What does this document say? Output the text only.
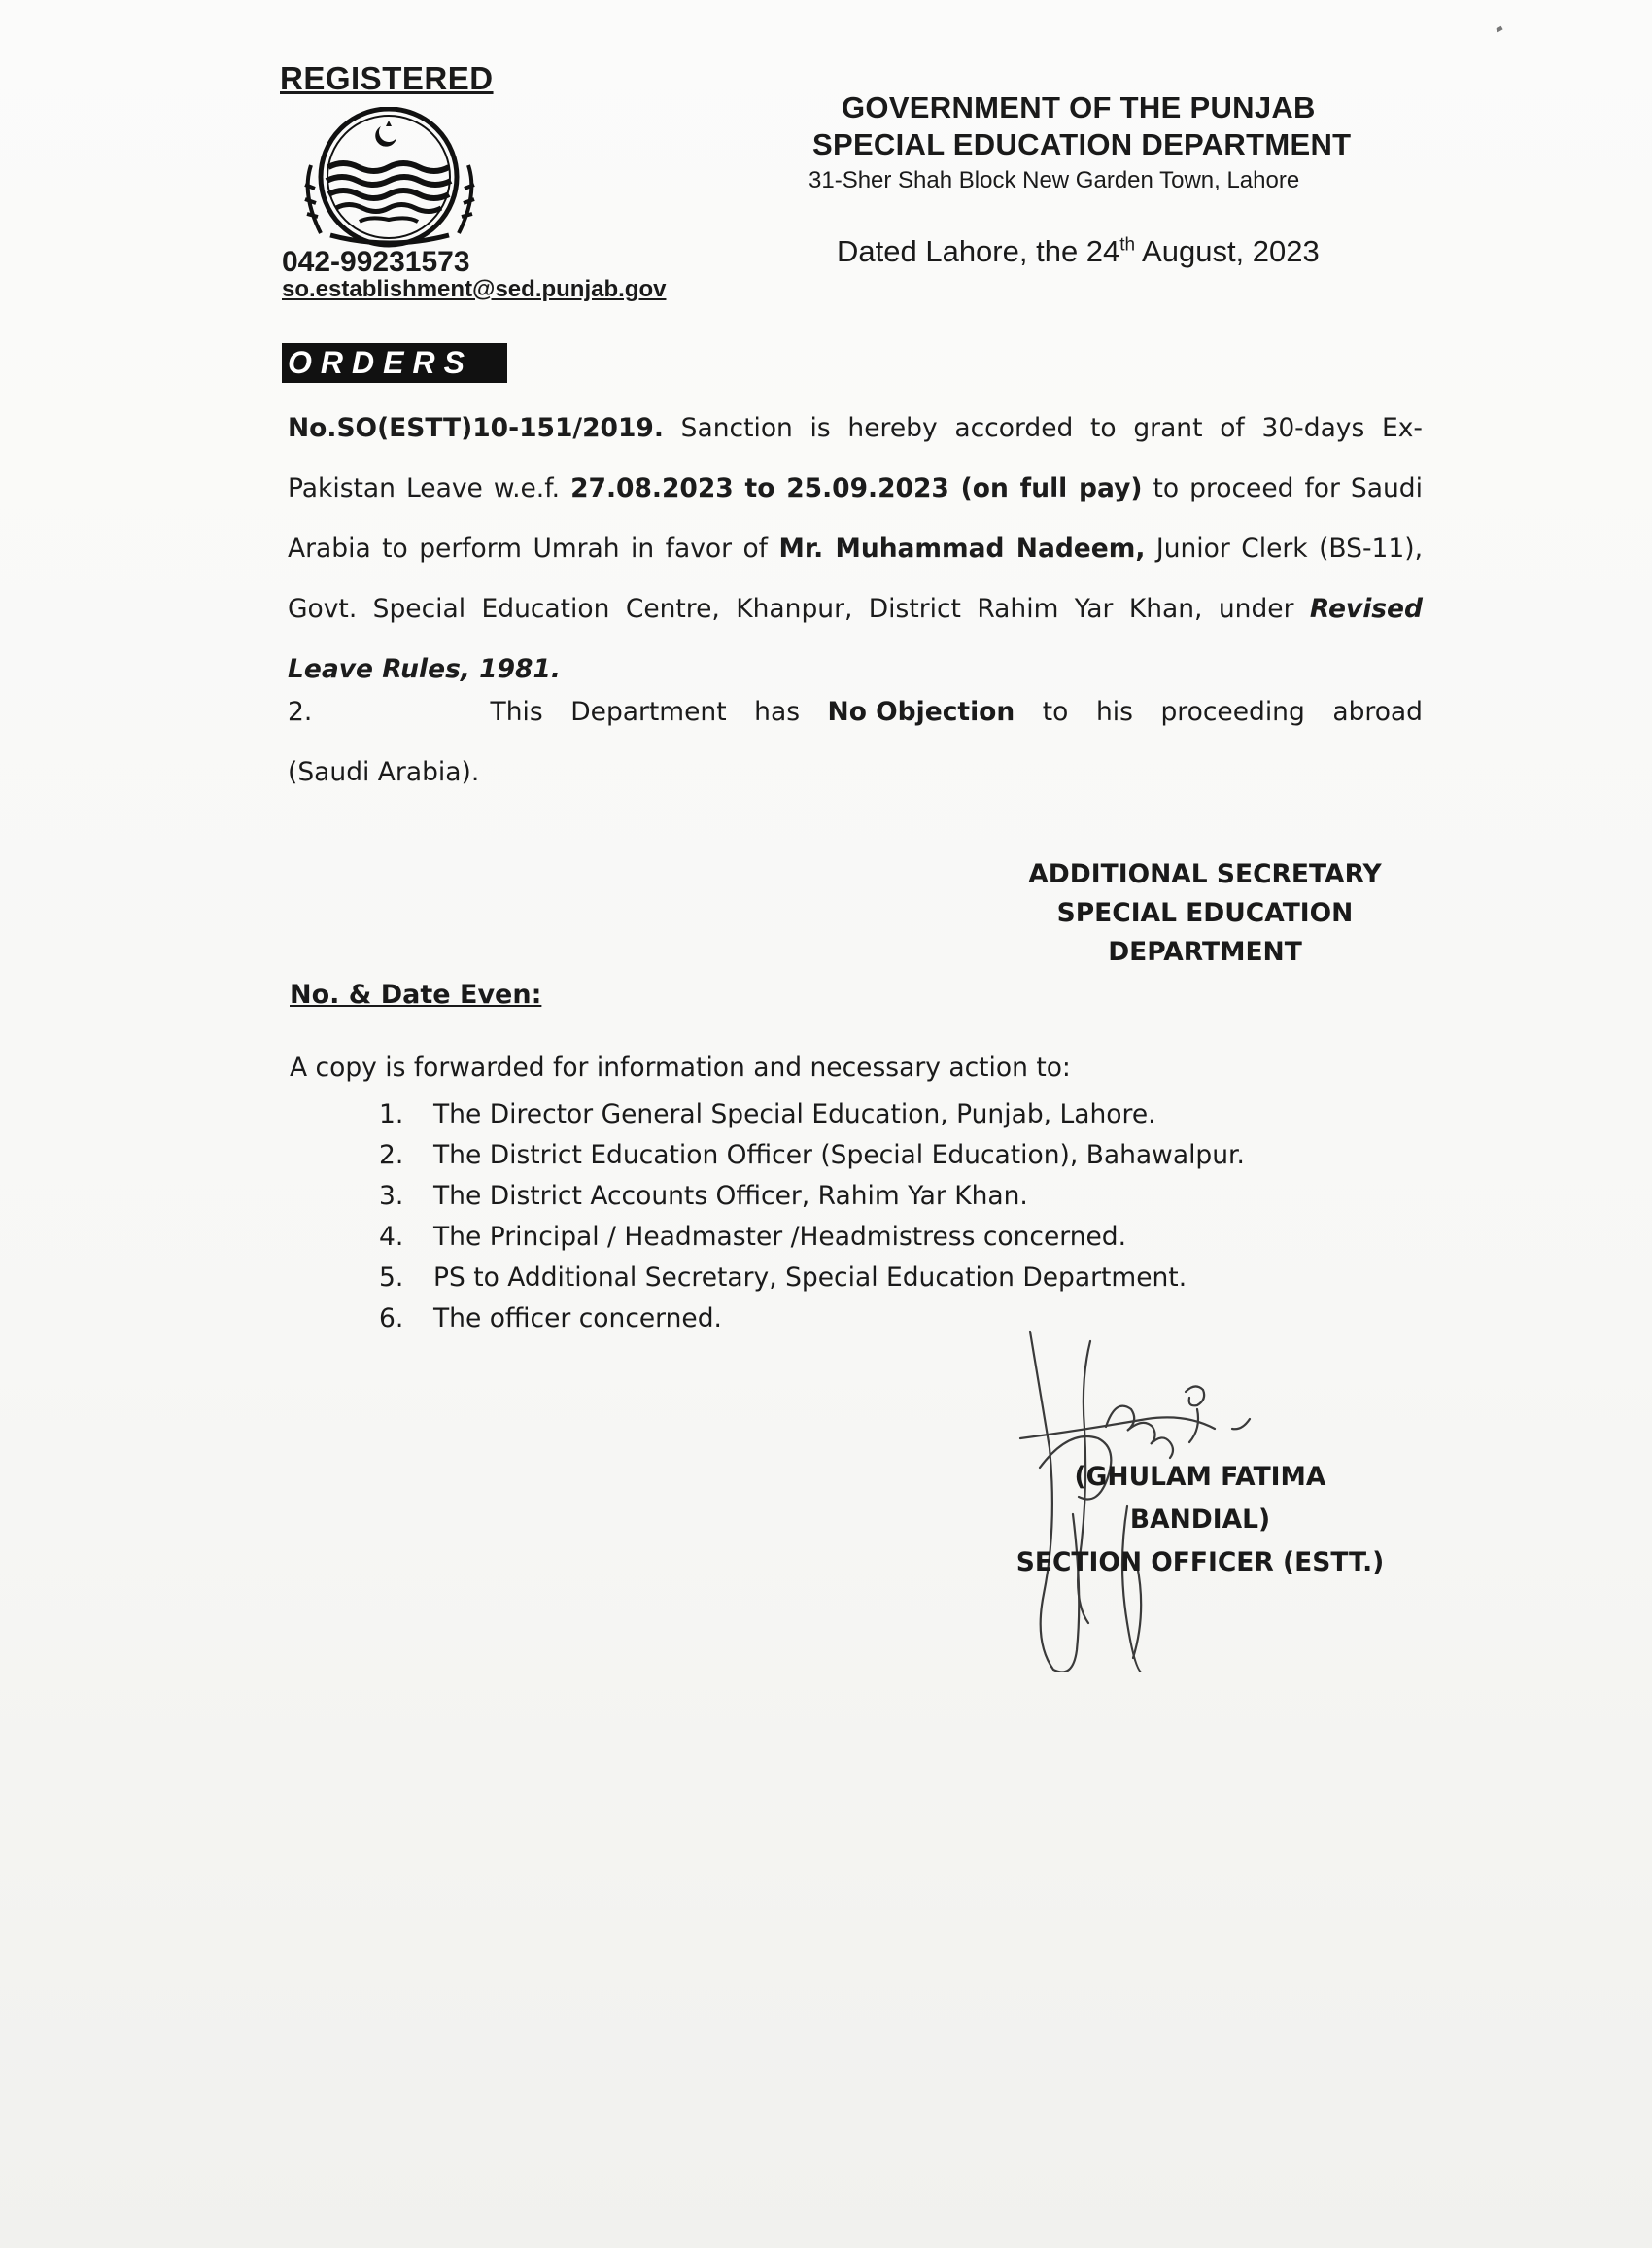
REGISTERED
042-99231573
so.establishment@sed.punjab.gov
GOVERNMENT OF THE PUNJAB
SPECIAL EDUCATION DEPARTMENT
31-Sher Shah Block New Garden Town, Lahore
Dated Lahore, the 24th August, 2023
ORDERS
No.SO(ESTT)10-151/2019. Sanction is hereby accorded to grant of 30-days Ex-Pakistan Leave w.e.f. 27.08.2023 to 25.09.2023 (on full pay) to proceed for Saudi Arabia to perform Umrah in favor of Mr. Muhammad Nadeem, Junior Clerk (BS-11), Govt. Special Education Centre, Khanpur, District Rahim Yar Khan, under Revised Leave Rules, 1981.
2.	This Department has No Objection to his proceeding abroad
(Saudi Arabia).
ADDITIONAL SECRETARY
SPECIAL EDUCATION
DEPARTMENT
No. & Date Even:
A copy is forwarded for information and necessary action to:
1.	The Director General Special Education, Punjab, Lahore.
2.	The District Education Officer (Special Education), Bahawalpur.
3.	The District Accounts Officer, Rahim Yar Khan.
4.	The Principal / Headmaster /Headmistress concerned.
5.	PS to Additional Secretary, Special Education Department.
6.	The officer concerned.
(GHULAM FATIMA BANDIAL)
SECTION OFFICER (ESTT.)
